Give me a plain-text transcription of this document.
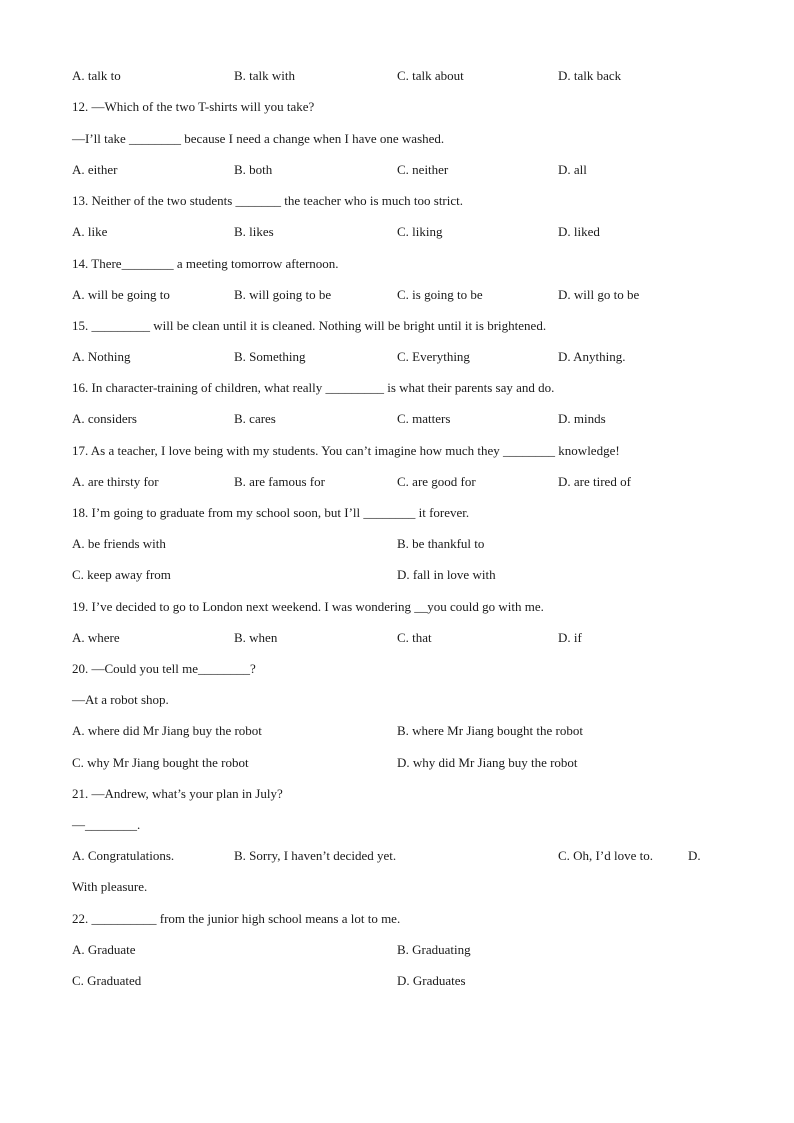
A. talk to	B. talk with	C. talk about	D. talk back
12. —Which of the two T-shirts will you take?
—I’ll take ________ because I need a change when I have one washed.
A. either	B. both	C. neither	D. all
13. Neither of the two students _______ the teacher who is much too strict.
A. like	B. likes	C. liking	D. liked
14. There________ a meeting tomorrow afternoon.
A. will be going to	B. will going to be	C. is going to be	D. will go to be
15. _________ will be clean until it is cleaned. Nothing will be bright until it is brightened.
A. Nothing	B. Something	C. Everything	D. Anything.
16. In character-training of children, what really _________ is what their parents say and do.
A. considers	B. cares	C. matters	D. minds
17. As a teacher, I love being with my students. You can’t imagine how much they ________ knowledge!
A. are thirsty for	B. are famous for	C. are good for	D. are tired of
18. I’m going to graduate from my school soon, but I’ll ________ it forever.
A. be friends with	B. be thankful to
C. keep away from	D. fall in love with
19. I’ve decided to go to London next weekend. I was wondering __you could go with me.
A. where	B. when	C. that	D. if
20. —Could you tell me________?
—At a robot shop.
A. where did Mr Jiang buy the robot	B. where Mr Jiang bought the robot
C. why Mr Jiang bought the robot	D. why did Mr Jiang buy the robot
21. —Andrew, what’s your plan in July?
—________.
A. Congratulations.	B. Sorry, I haven’t decided yet.	C. Oh, I’d love to.	D.
With pleasure.
22. __________ from the junior high school means a lot to me.
A. Graduate	B. Graduating
C. Graduated	D. Graduates
